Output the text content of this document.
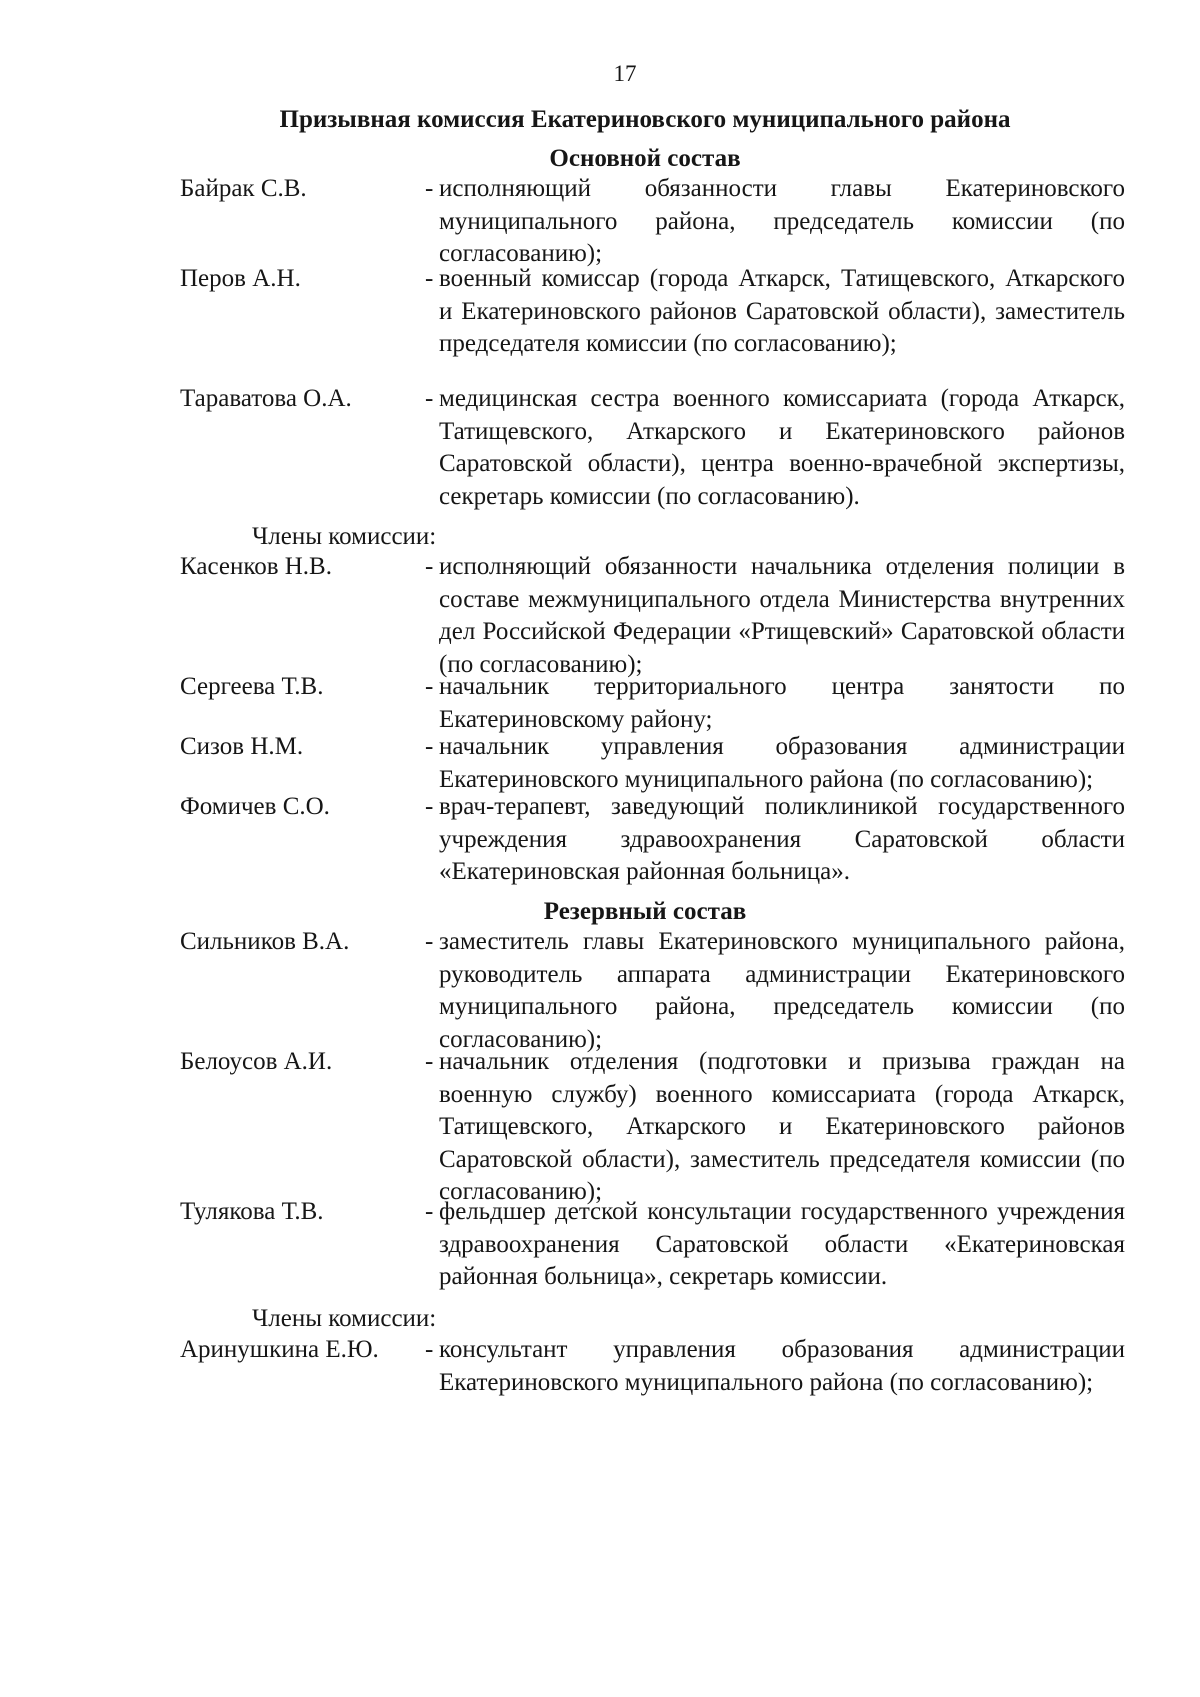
17
Призывная комиссия Екатериновского муниципального района
Основной состав
Байрак С.В.	- исполняющий обязанности главы Екатериновского муниципального района, председатель комиссии (по согласованию);
Перов А.Н.	- военный комиссар (города Аткарск, Татищевского, Аткарского и Екатериновского районов Саратовской области), заместитель председателя комиссии (по согласованию);
Тараватова О.А.	- медицинская сестра военного комиссариата (города Аткарск, Татищевского, Аткарского и Екатериновского районов Саратовской области), центра военно-врачебной экспертизы, секретарь комиссии (по согласованию).
Члены комиссии:
Касенков Н.В.	- исполняющий обязанности начальника отделения полиции в составе межмуниципального отдела Министерства внутренних дел Российской Федерации «Ртищевский» Саратовской области (по согласованию);
Сергеева Т.В.	- начальник территориального центра занятости по Екатериновскому району;
Сизов Н.М.	- начальник управления образования администрации Екатериновского муниципального района (по согласованию);
Фомичев С.О.	- врач-терапевт, заведующий поликлиникой государственного учреждения здравоохранения Саратовской области «Екатериновская районная больница».
Резервный состав
Сильников В.А.	- заместитель главы Екатериновского муниципального района, руководитель аппарата администрации Екатериновского муниципального района, председатель комиссии (по согласованию);
Белоусов А.И.	- начальник отделения (подготовки и призыва граждан на военную службу) военного комиссариата (города Аткарск, Татищевского, Аткарского и Екатериновского районов Саратовской области), заместитель председателя комиссии (по согласованию);
Тулякова Т.В.	- фельдшер детской консультации государственного учреждения здравоохранения Саратовской области «Екатериновская районная больница», секретарь комиссии.
Члены комиссии:
Аринушкина Е.Ю. - консультант управления образования администрации Екатериновского муниципального района (по согласованию);
